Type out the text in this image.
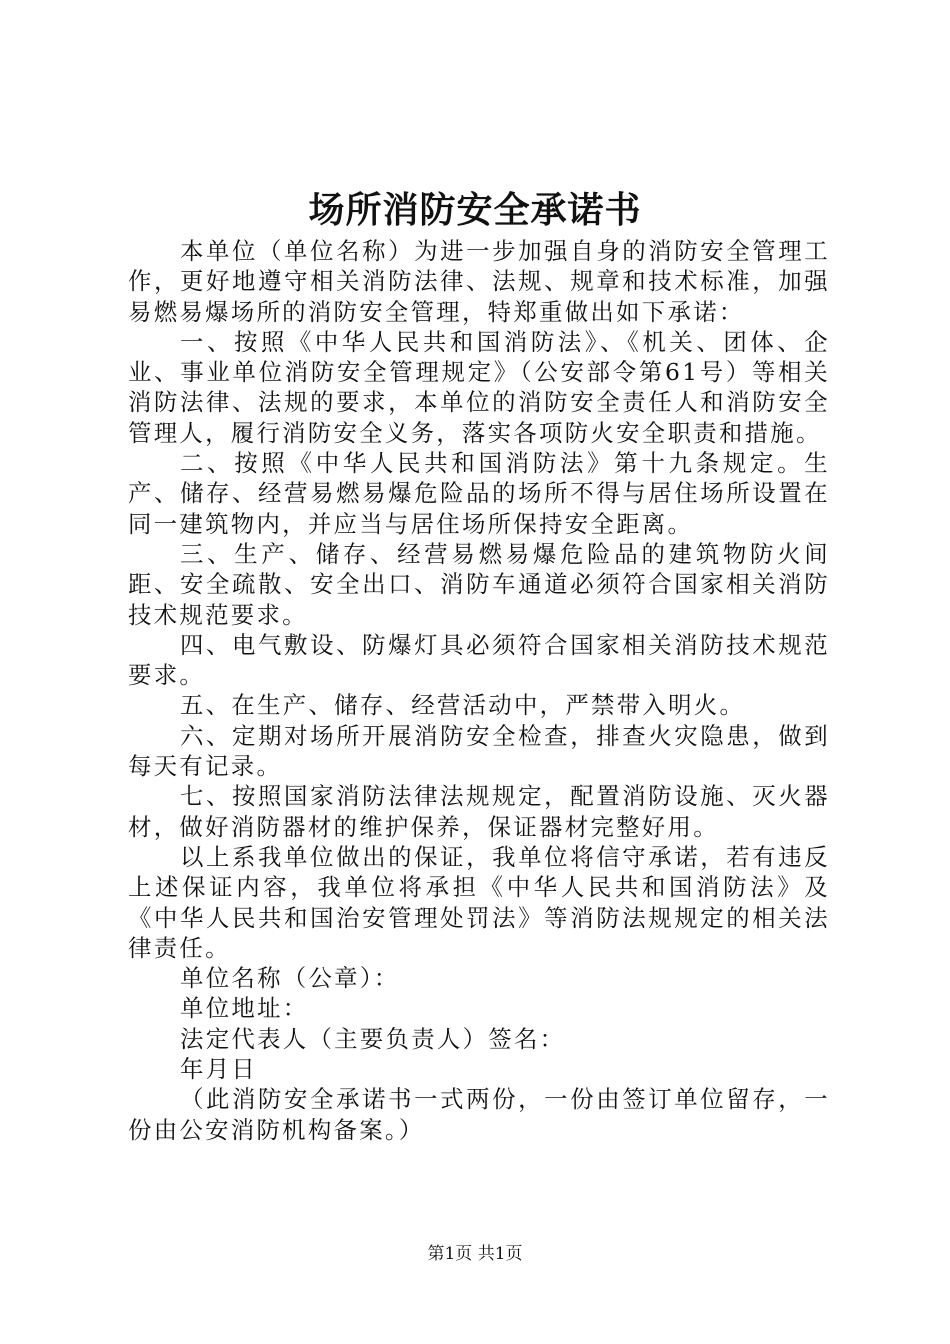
场所消防安全承诺书

本单位（单位名称）为进一步加强自身的消防安全管理工作，更好地遵守相关消防法律、法规、规章和技术标准，加强易燃易爆场所的消防安全管理，特郑重做出如下承诺：

一、按照《中华人民共和国消防法》、《机关、团体、企业、事业单位消防安全管理规定》（公安部令第61号）等相关消防法律、法规的要求，本单位的消防安全责任人和消防安全管理人，履行消防安全义务，落实各项防火安全职责和措施。

二、按照《中华人民共和国消防法》第十九条规定。生产、储存、经营易燃易爆危险品的场所不得与居住场所设置在同一建筑物内，并应当与居住场所保持安全距离。

三、生产、储存、经营易燃易爆危险品的建筑物防火间距、安全疏散、安全出口、消防车通道必须符合国家相关消防技术规范要求。

四、电气敷设、防爆灯具必须符合国家相关消防技术规范要求。

五、在生产、储存、经营活动中，严禁带入明火。

六、定期对场所开展消防安全检查，排查火灾隐患，做到每天有记录。

七、按照国家消防法律法规规定，配置消防设施、灭火器材，做好消防器材的维护保养，保证器材完整好用。

以上系我单位做出的保证，我单位将信守承诺，若有违反上述保证内容，我单位将承担《中华人民共和国消防法》及《中华人民共和国治安管理处罚法》等消防法规规定的相关法律责任。

单位名称（公章）：

单位地址：

法定代表人（主要负责人）签名：

年月日

（此消防安全承诺书一式两份，一份由签订单位留存，一份由公安消防机构备案。）

第1页 共1页
